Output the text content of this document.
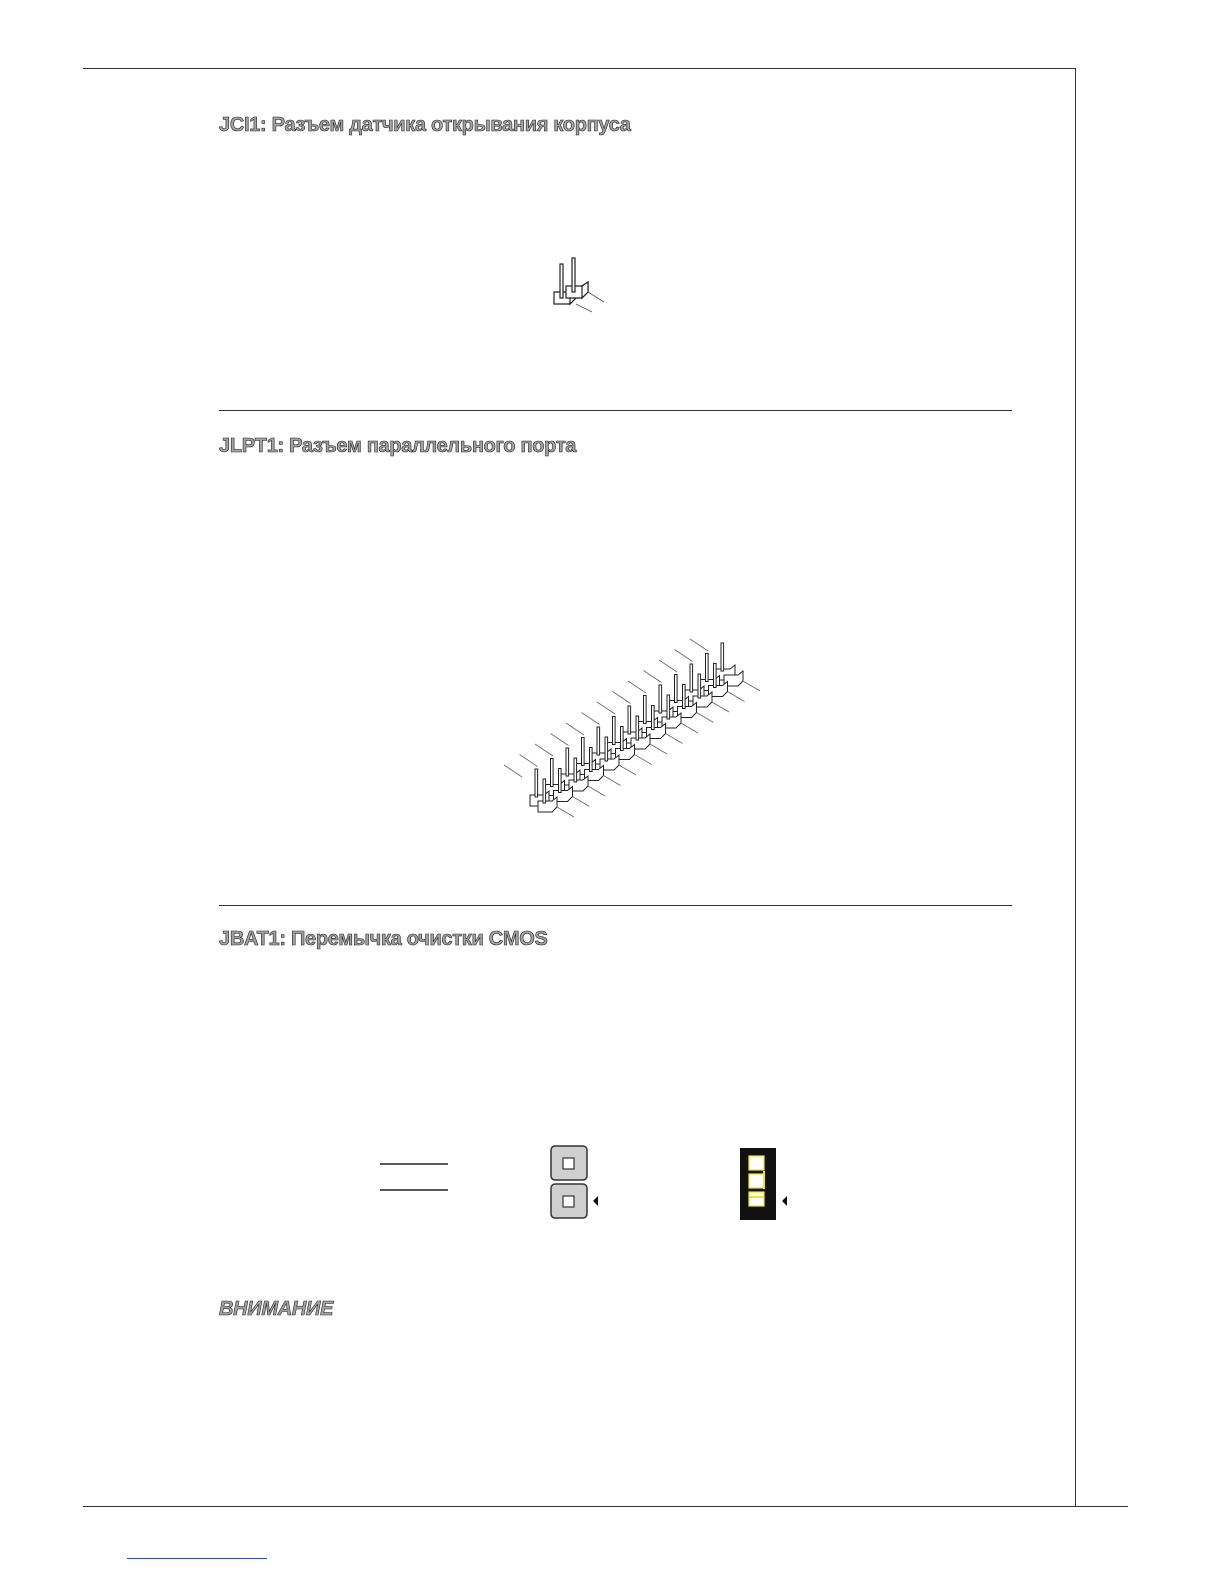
JCI1: Разъем датчика открывания корпуса
JLPT1: Разъем параллельного порта
JBAT1: Перемычка очистки CMOS
ВНИМАНИЕ
